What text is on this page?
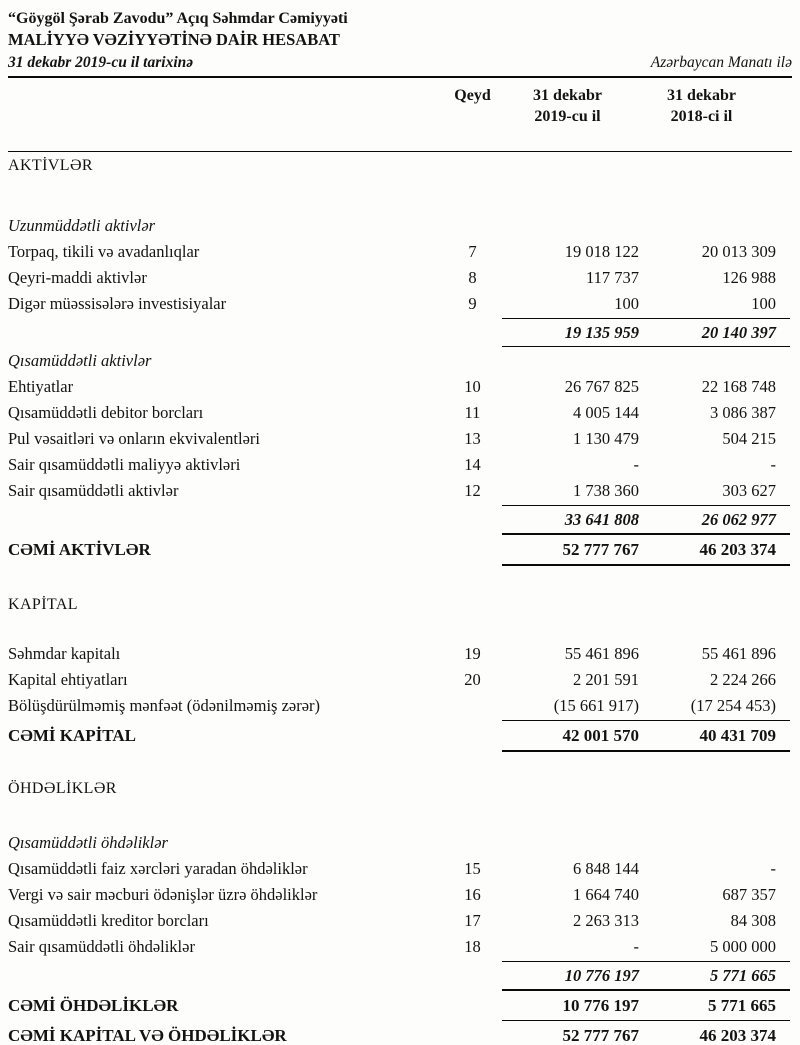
“Göygöl Şərab Zavodu” Açıq Səhmdar Cəmiyyəti
MALİYYƏ VƏZİYYƏTİNƏ DAİR HESABAT
31 dekabr 2019-cu il tarixinə	Azərbaycan Manatı ilə
Qeyd	31 dekabr
2019-cu il
31 dekabr
2018-ci il
AKTİVLƏR
Uzunmüddətli aktivlər
Torpaq, tikili və avadanlıqlar	7	19 018 122	20 013 309
Qeyri-maddi aktivlər	8	117 737	126 988
Digər müəssisələrə investisiyalar	9	100	100
19 135 959	20 140 397
Qısamüddətli aktivlər
Ehtiyatlar	10	26 767 825	22 168 748
Qısamüddətli debitor borcları	11	4 005 144	3 086 387
Pul vəsaitləri və onların ekvivalentləri	13	1 130 479	504 215
Sair qısamüddətli maliyyə aktivləri	14	-	-
Sair qısamüddətli aktivlər	12	1 738 360	303 627
33 641 808	26 062 977
CƏMİ AKTİVLƏR	52 777 767	46 203 374
KAPİTAL
Səhmdar kapitalı	19	55 461 896	55 461 896
Kapital ehtiyatları	20	2 201 591	2 224 266
Bölüşdürülməmiş mənfəət (ödənilməmiş zərər)	(15 661 917)	(17 254 453)
CƏMİ KAPİTAL	42 001 570	40 431 709
ÖHDƏLİKLƏR
Qısamüddətli öhdəliklər
Qısamüddətli faiz xərcləri yaradan öhdəliklər	15	6 848 144	-
Vergi və sair məcburi ödənişlər üzrə öhdəliklər	16	1 664 740	687 357
Qısamüddətli kreditor borcları	17	2 263 313	84 308
Sair qısamüddətli öhdəliklər	18	-	5 000 000
10 776 197	5 771 665
CƏMİ ÖHDƏLİKLƏR	10 776 197	5 771 665
CƏMİ KAPİTAL VƏ ÖHDƏLİKLƏR	52 777 767	46 203 374
